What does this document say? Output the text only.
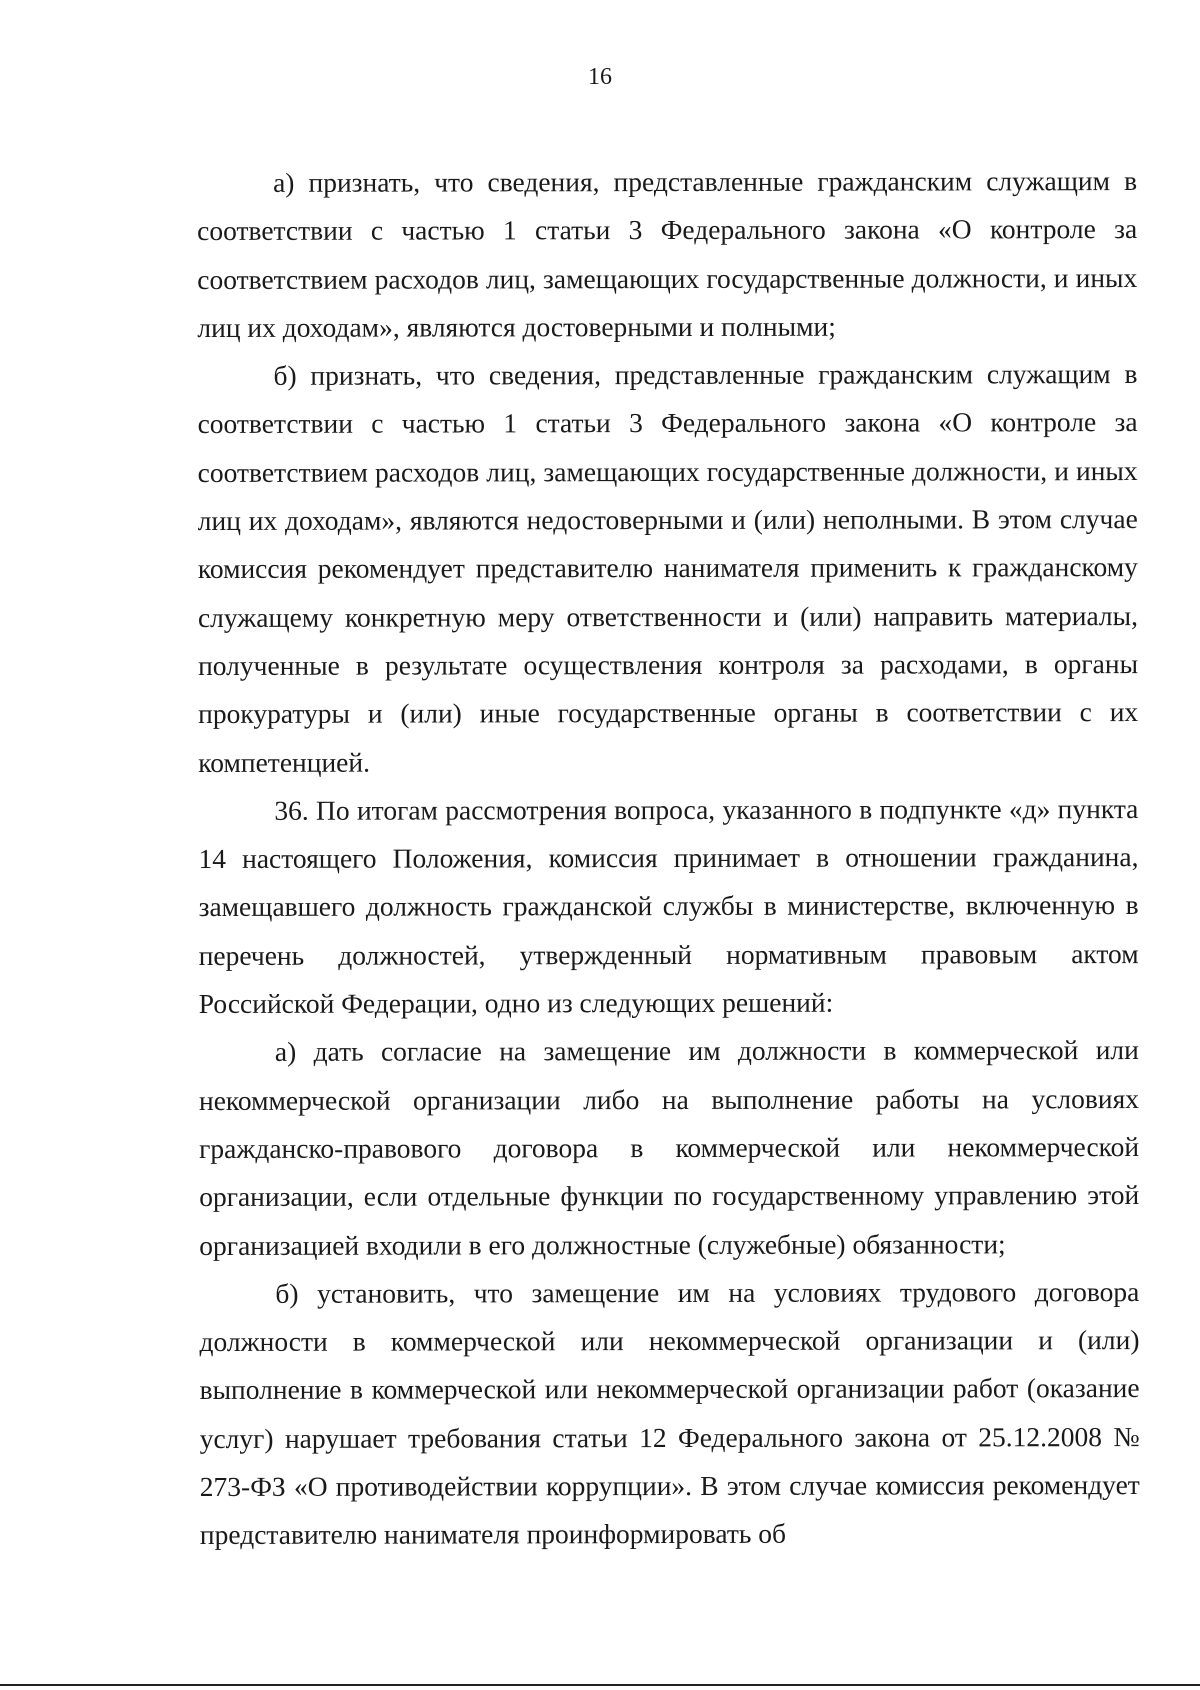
16

а) признать, что сведения, представленные гражданским служащим в соответствии с частью 1 статьи 3 Федерального закона «О контроле за соответствием расходов лиц, замещающих государственные должности, и иных лиц их доходам», являются достоверными и полными;

б) признать, что сведения, представленные гражданским служащим в соответствии с частью 1 статьи 3 Федерального закона «О контроле за соответствием расходов лиц, замещающих государственные должности, и иных лиц их доходам», являются недостоверными и (или) неполными. В этом случае комиссия рекомендует представителю нанимателя применить к гражданскому служащему конкретную меру ответственности и (или) направить материалы, полученные в результате осуществления контроля за расходами, в органы прокуратуры и (или) иные государственные органы в соответствии с их компетенцией.

36. По итогам рассмотрения вопроса, указанного в подпункте «д» пункта 14 настоящего Положения, комиссия принимает в отношении гражданина, замещавшего должность гражданской службы в министерстве, включенную в перечень должностей, утвержденный нормативным правовым актом Российской Федерации, одно из следующих решений:

а) дать согласие на замещение им должности в коммерческой или некоммерческой организации либо на выполнение работы на условиях гражданско-правового договора в коммерческой или некоммерческой организации, если отдельные функции по государственному управлению этой организацией входили в его должностные (служебные) обязанности;

б) установить, что замещение им на условиях трудового договора должности в коммерческой или некоммерческой организации и (или) выполнение в коммерческой или некоммерческой организации работ (оказание услуг) нарушает требования статьи 12 Федерального закона от 25.12.2008 № 273-ФЗ «О противодействии коррупции». В этом случае комиссия рекомендует представителю нанимателя проинформировать об
